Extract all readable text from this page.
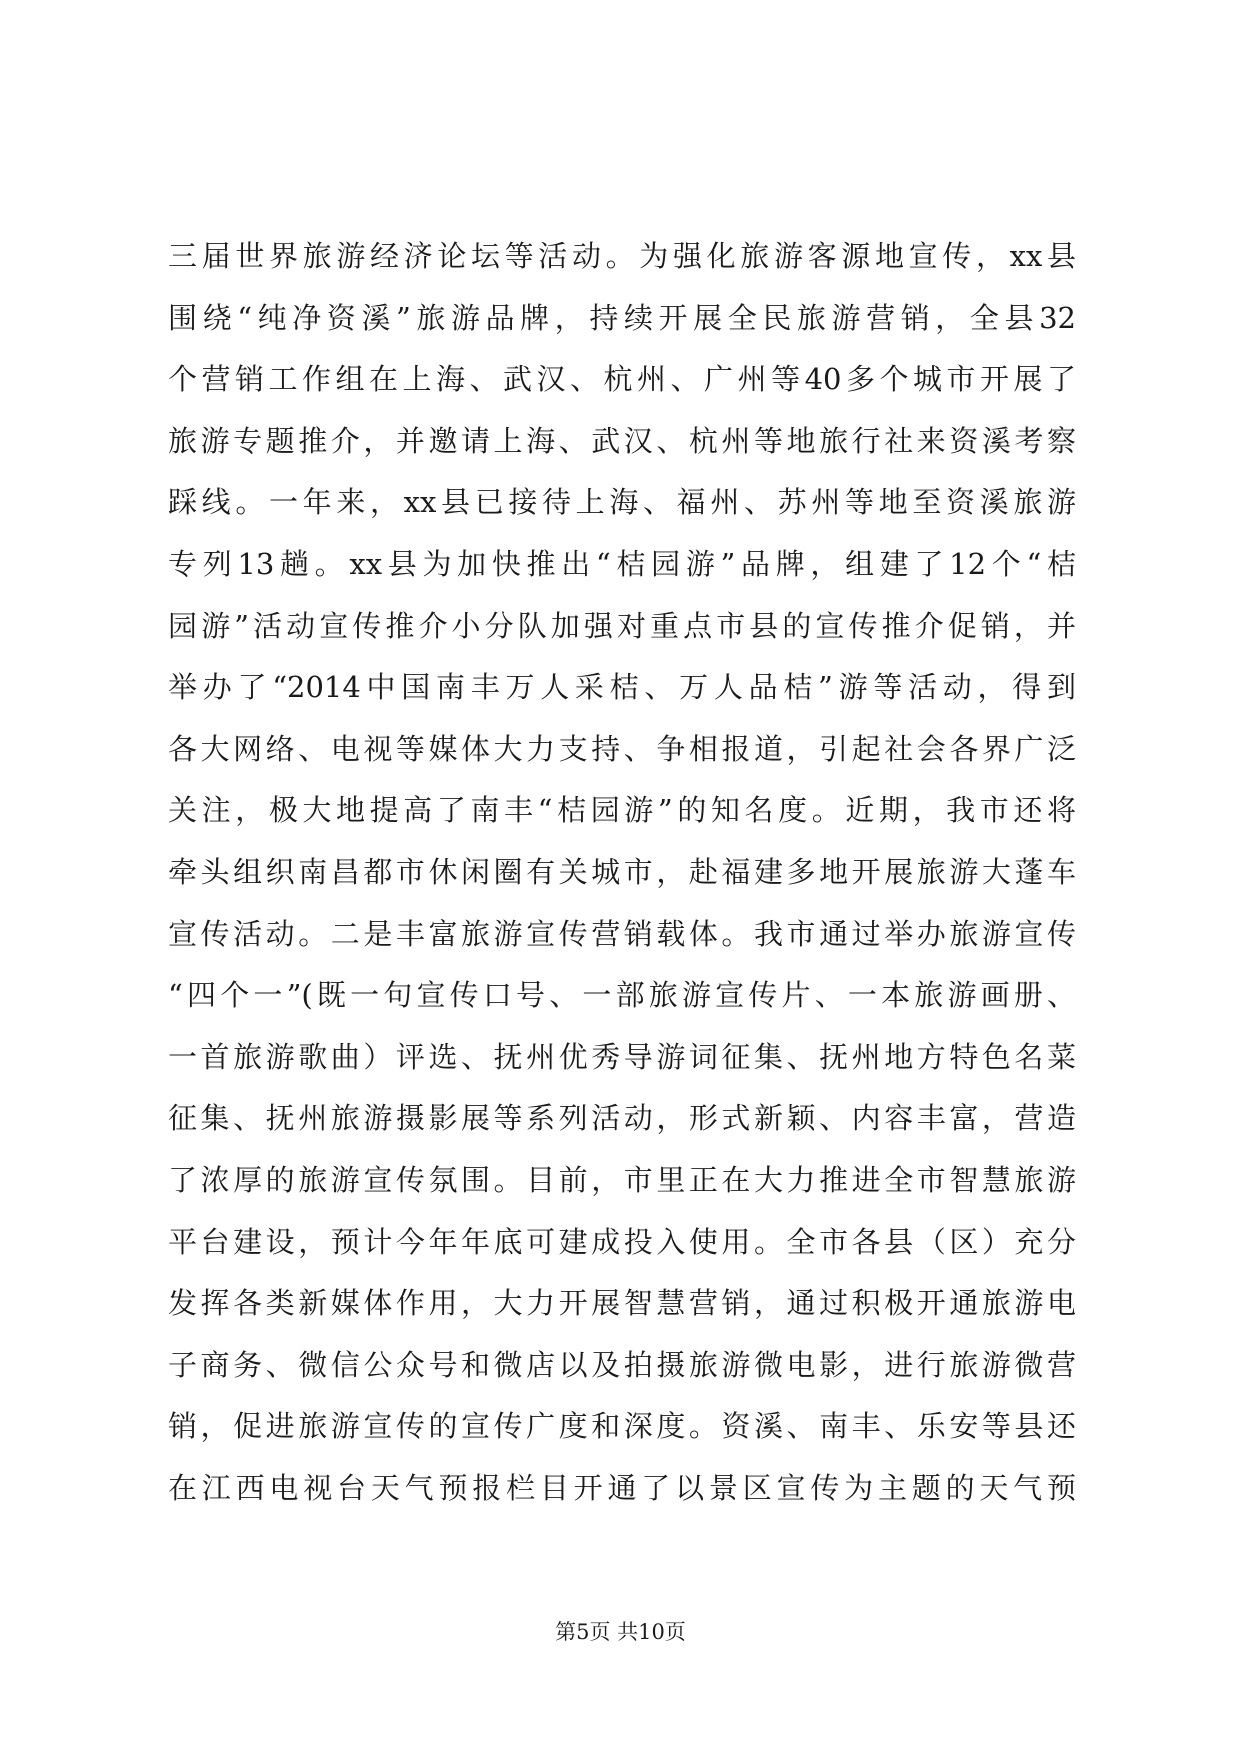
三届世界旅游经济论坛等活动。为强化旅游客源地宣传，xx县
围绕“纯净资溪”旅游品牌，持续开展全民旅游营销，全县32
个营销工作组在上海、武汉、杭州、广州等40多个城市开展了
旅游专题推介，并邀请上海、武汉、杭州等地旅行社来资溪考察
踩线。一年来，xx县已接待上海、福州、苏州等地至资溪旅游
专列13趟。xx县为加快推出“桔园游”品牌，组建了12个“桔
园游”活动宣传推介小分队加强对重点市县的宣传推介促销，并
举办了“2014中国南丰万人采桔、万人品桔”游等活动，得到
各大网络、电视等媒体大力支持、争相报道，引起社会各界广泛
关注，极大地提高了南丰“桔园游”的知名度。近期，我市还将
牵头组织南昌都市休闲圈有关城市，赴福建多地开展旅游大蓬车
宣传活动。二是丰富旅游宣传营销载体。我市通过举办旅游宣传
“四个一”(既一句宣传口号、一部旅游宣传片、一本旅游画册、
一首旅游歌曲）评选、抚州优秀导游词征集、抚州地方特色名菜
征集、抚州旅游摄影展等系列活动，形式新颖、内容丰富，营造
了浓厚的旅游宣传氛围。目前，市里正在大力推进全市智慧旅游
平台建设，预计今年年底可建成投入使用。全市各县（区）充分
发挥各类新媒体作用，大力开展智慧营销，通过积极开通旅游电
子商务、微信公众号和微店以及拍摄旅游微电影，进行旅游微营
销，促进旅游宣传的宣传广度和深度。资溪、南丰、乐安等县还
在江西电视台天气预报栏目开通了以景区宣传为主题的天气预
第5页 共10页
